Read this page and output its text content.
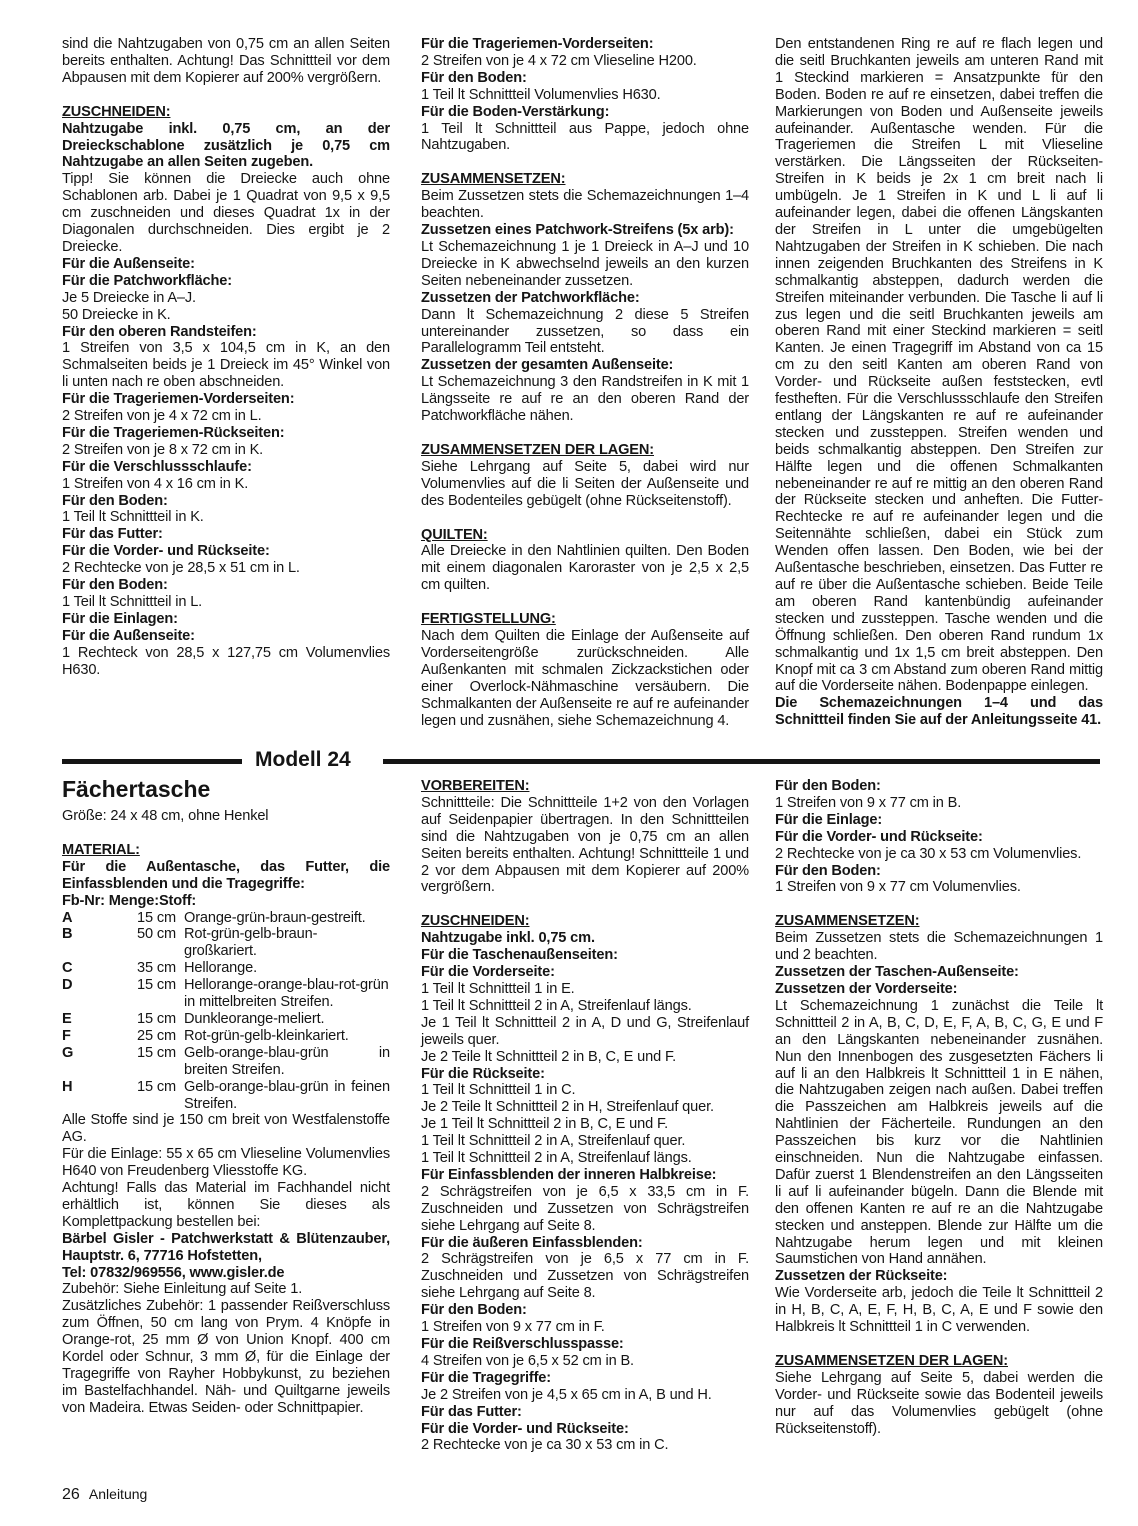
sind die Nahtzugaben von 0,75 cm an allen Seiten bereits enthalten. Achtung! Das Schnittteil vor dem Abpausen mit dem Kopierer auf 200% vergrößern.

ZUSCHNEIDEN:

Nahtzugabe inkl. 0,75 cm, an der Dreieckschablone zusätzlich je 0,75 cm Nahtzugabe an allen Seiten zugeben.

Tipp! Sie können die Dreiecke auch ohne Schablonen arb. Dabei je 1 Quadrat von 9,5 x 9,5 cm zuschneiden und dieses Quadrat 1x in der Diagonalen durchschneiden. Dies ergibt je 2 Dreiecke.

Für die Außenseite:

Für die Patchworkfläche:

Je 5 Dreiecke in A–J.

50 Dreiecke in K.

Für den oberen Randsteifen:

1 Streifen von 3,5 x 104,5 cm in K, an den Schmalseiten beids je 1 Dreieck im 45° Winkel von li unten nach re oben abschneiden.

Für die Trageriemen-Vorderseiten:

2 Streifen von je 4 x 72 cm in L.

Für die Trageriemen-Rückseiten:

2 Streifen von je 8 x 72 cm in K.

Für die Verschlussschlaufe:

1 Streifen von 4 x 16 cm in K.

Für den Boden:

1 Teil lt Schnittteil in K.

Für das Futter:

Für die Vorder- und Rückseite:

2 Rechtecke von je 28,5 x 51 cm in L.

Für den Boden:

1 Teil lt Schnittteil in L.

Für die Einlagen:

Für die Außenseite:

1 Rechteck von 28,5 x 127,75 cm Volumenvlies H630.

Für die Trageriemen-Vorderseiten:

2 Streifen von je 4 x 72 cm Vlieseline H200.

Für den Boden:

1 Teil lt Schnittteil Volumenvlies H630.

Für die Boden-Verstärkung:

1 Teil lt Schnittteil aus Pappe, jedoch ohne Nahtzugaben.

ZUSAMMENSETZEN:

Beim Zussetzen stets die Schemazeichnungen 1–4 beachten.

Zussetzen eines Patchwork-Streifens (5x arb):

Lt Schemazeichnung 1 je 1 Dreieck in A–J und 10 Dreiecke in K abwechselnd jeweils an den kurzen Seiten nebeneinander zussetzen.

Zussetzen der Patchworkfläche:

Dann lt Schemazeichnung 2 diese 5 Streifen untereinander zussetzen, so dass ein Parallelogramm Teil entsteht.

Zussetzen der gesamten Außenseite:

Lt Schemazeichnung 3 den Randstreifen in K mit 1 Längsseite re auf re an den oberen Rand der Patchworkfläche nähen.

ZUSAMMENSETZEN DER LAGEN:

Siehe Lehrgang auf Seite 5, dabei wird nur Volumenvlies auf die li Seiten der Außenseite und des Bodenteiles gebügelt (ohne Rückseitenstoff).

QUILTEN:

Alle Dreiecke in den Nahtlinien quilten. Den Boden mit einem diagonalen Karoraster von je 2,5 x 2,5 cm quilten.

FERTIGSTELLUNG:

Nach dem Quilten die Einlage der Außenseite auf Vorderseitengröße zurückschneiden. Alle Außenkanten mit schmalen Zickzackstichen oder einer Overlock-Nähmaschine versäubern. Die Schmalkanten der Außenseite re auf re aufeinander legen und zusnähen, siehe Schemazeichnung 4.

Den entstandenen Ring re auf re flach legen und die seitl Bruchkanten jeweils am unteren Rand mit 1 Steckind markieren = Ansatzpunkte für den Boden. Boden re auf re einsetzen, dabei treffen die Markierungen von Boden und Außenseite jeweils aufeinander. Außentasche wenden. Für die Trageriemen die Streifen L mit Vlieseline verstärken. Die Längsseiten der Rückseiten-Streifen in K beids je 2x 1 cm breit nach li umbügeln. Je 1 Streifen in K und L li auf li aufeinander legen, dabei die offenen Längskanten der Streifen in L unter die umgebügelten Nahtzugaben der Streifen in K schieben. Die nach innen zeigenden Bruchkanten des Streifens in K schmalkantig absteppen, dadurch werden die Streifen miteinander verbunden. Die Tasche li auf li zus legen und die seitl Bruchkanten jeweils am oberen Rand mit einer Steckind markieren = seitl Kanten. Je einen Tragegriff im Abstand von ca 15 cm zu den seitl Kanten am oberen Rand von Vorder- und Rückseite außen feststecken, evtl festheften. Für die Verschlussschlaufe den Streifen entlang der Längskanten re auf re aufeinander stecken und zussteppen. Streifen wenden und beids schmalkantig absteppen. Den Streifen zur Hälfte legen und die offenen Schmalkanten nebeneinander re auf re mittig an den oberen Rand der Rückseite stecken und anheften. Die Futter-Rechtecke re auf re aufeinander legen und die Seitennähte schließen, dabei ein Stück zum Wenden offen lassen. Den Boden, wie bei der Außentasche beschrieben, einsetzen. Das Futter re auf re über die Außentasche schieben. Beide Teile am oberen Rand kantenbündig aufeinander stecken und zussteppen. Tasche wenden und die Öffnung schließen. Den oberen Rand rundum 1x schmalkantig und 1x 1,5 cm breit absteppen. Den Knopf mit ca 3 cm Abstand zum oberen Rand mittig auf die Vorderseite nähen. Bodenpappe einlegen.

Die Schemazeichnungen 1–4 und das Schnittteil finden Sie auf der Anleitungsseite 41.

Modell 24
Fächertasche

Größe: 24 x 48 cm, ohne Henkel

MATERIAL:

Für die Außentasche, das Futter, die Einfassblenden und die Tragegriffe:

Fb-Nr: Menge:Stoff:

A	15 cm Orange-grün-braun-gestreift.
B	50 cm Rot-grün-gelb-braun-großkariert.
C	35 cm Hellorange.
D	15 cm Hellorange-orange-blau-rot-grün in mittelbreiten Streifen.
E	15 cm Dunkleorange-meliert.
F	25 cm Rot-grün-gelb-kleinkariert.
G	15 cm Gelb-orange-blau-grün in breiten Streifen.
H	15 cm Gelb-orange-blau-grün in feinen Streifen.

Alle Stoffe sind je 150 cm breit von Westfalenstoffe AG.

Für die Einlage: 55 x 65 cm Vlieseline Volumenvlies H640 von Freudenberg Vliesstoffe KG.

Achtung! Falls das Material im Fachhandel nicht erhältlich ist, können Sie dieses als Komplettpackung bestellen bei:

Bärbel Gisler - Patchwerkstatt & Blütenzauber, Hauptstr. 6, 77716 Hofstetten,

Tel: 07832/969556, www.gisler.de

Zubehör: Siehe Einleitung auf Seite 1.

Zusätzliches Zubehör: 1 passender Reißverschluss zum Öffnen, 50 cm lang von Prym. 4 Knöpfe in Orange-rot, 25 mm Ø von Union Knopf. 400 cm Kordel oder Schnur, 3 mm Ø, für die Einlage der Tragegriffe von Rayher Hobbykunst, zu beziehen im Bastelfachhandel. Näh- und Quiltgarne jeweils von Madeira. Etwas Seiden- oder Schnittpapier.

VORBEREITEN:

Schnittteile: Die Schnittteile 1+2 von den Vorlagen auf Seidenpapier übertragen. In den Schnittteilen sind die Nahtzugaben von je 0,75 cm an allen Seiten bereits enthalten. Achtung! Schnittteile 1 und 2 vor dem Abpausen mit dem Kopierer auf 200% vergrößern.

ZUSCHNEIDEN:

Nahtzugabe inkl. 0,75 cm.

Für die Taschenaußenseiten:

Für die Vorderseite:

1 Teil lt Schnittteil 1 in E.

1 Teil lt Schnittteil 2 in A, Streifenlauf längs.

Je 1 Teil lt Schnittteil 2 in A, D und G, Streifenlauf jeweils quer.

Je 2 Teile lt Schnittteil 2 in B, C, E und F.

Für die Rückseite:

1 Teil lt Schnittteil 1 in C.

Je 2 Teile lt Schnittteil 2 in H, Streifenlauf quer.

Je 1 Teil lt Schnittteil 2 in B, C, E und F.

1 Teil lt Schnittteil 2 in A, Streifenlauf quer.

1 Teil lt Schnittteil 2 in A, Streifenlauf längs.

Für Einfassblenden der inneren Halbkreise:

2 Schrägstreifen von je 6,5 x 33,5 cm in F. Zuschneiden und Zussetzen von Schrägstreifen siehe Lehrgang auf Seite 8.

Für die äußeren Einfassblenden:

2 Schrägstreifen von je 6,5 x 77 cm in F. Zuschneiden und Zussetzen von Schrägstreifen siehe Lehrgang auf Seite 8.

Für den Boden:

1 Streifen von 9 x 77 cm in F.

Für die Reißverschlusspasse:

4 Streifen von je 6,5 x 52 cm in B.

Für die Tragegriffe:

Je 2 Streifen von je 4,5 x 65 cm in A, B und H.

Für das Futter:

Für die Vorder- und Rückseite:

2 Rechtecke von je ca 30 x 53 cm in C.

Für den Boden:

1 Streifen von 9 x 77 cm in B.

Für die Einlage:

Für die Vorder- und Rückseite:

2 Rechtecke von je ca 30 x 53 cm Volumenvlies.

Für den Boden:

1 Streifen von 9 x 77 cm Volumenvlies.

ZUSAMMENSETZEN:

Beim Zussetzen stets die Schemazeichnungen 1 und 2 beachten.

Zussetzen der Taschen-Außenseite:

Zussetzen der Vorderseite:

Lt Schemazeichnung 1 zunächst die Teile lt Schnittteil 2 in A, B, C, D, E, F, A, B, C, G, E und F an den Längskanten nebeneinander zusnähen. Nun den Innenbogen des zusgesetzten Fächers li auf li an den Halbkreis lt Schnittteil 1 in E nähen, die Nahtzugaben zeigen nach außen. Dabei treffen die Passzeichen am Halbkreis jeweils auf die Nahtlinien der Fächerteile. Rundungen an den Passzeichen bis kurz vor die Nahtlinien einschneiden. Nun die Nahtzugabe einfassen. Dafür zuerst 1 Blendenstreifen an den Längsseiten li auf li aufeinander bügeln. Dann die Blende mit den offenen Kanten re auf re an die Nahtzugabe stecken und ansteppen. Blende zur Hälfte um die Nahtzugabe herum legen und mit kleinen Saumstichen von Hand annähen.

Zussetzen der Rückseite:

Wie Vorderseite arb, jedoch die Teile lt Schnittteil 2 in H, B, C, A, E, F, H, B, C, A, E und F sowie den Halbkreis lt Schnittteil 1 in C verwenden.

ZUSAMMENSETZEN DER LAGEN:

Siehe Lehrgang auf Seite 5, dabei werden die Vorder- und Rückseite sowie das Bodenteil jeweils nur auf das Volumenvlies gebügelt (ohne Rückseitenstoff).

26 Anleitung
